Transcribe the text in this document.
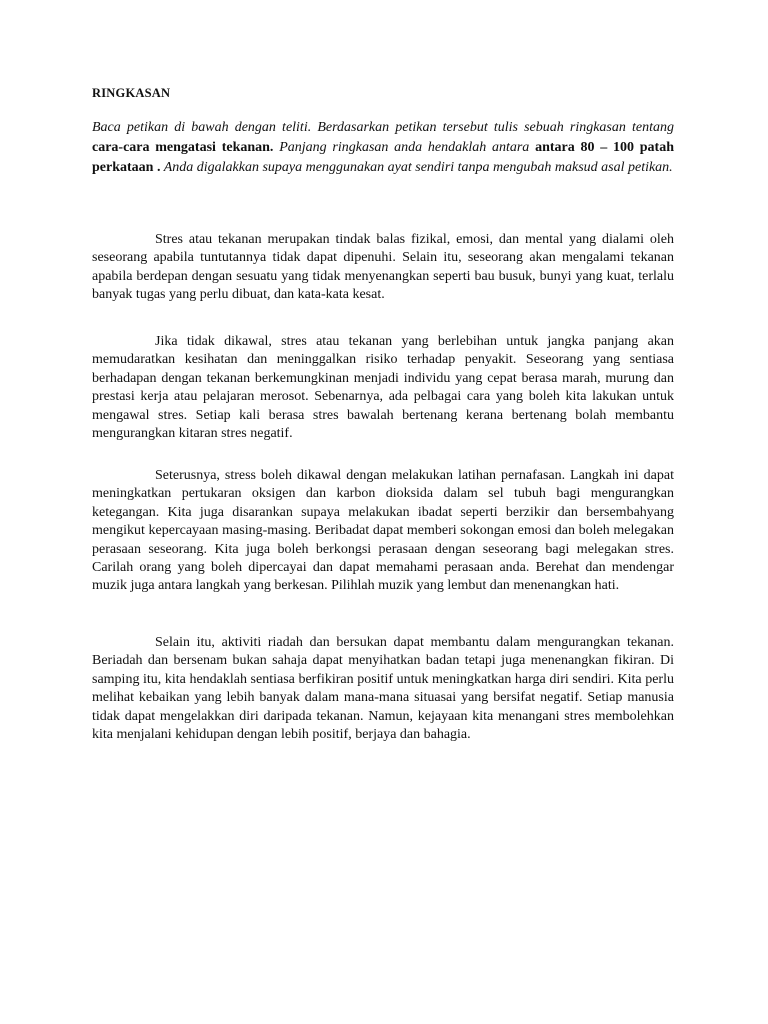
RINGKASAN
Baca petikan di bawah dengan teliti. Berdasarkan petikan tersebut tulis sebuah ringkasan tentang cara-cara mengatasi tekanan. Panjang ringkasan anda hendaklah antara antara 80 – 100 patah perkataan . Anda digalakkan supaya menggunakan ayat sendiri tanpa mengubah maksud asal petikan.

Stres atau tekanan merupakan tindak balas fizikal, emosi, dan mental yang dialami oleh seseorang apabila tuntutannya tidak dapat dipenuhi. Selain itu, seseorang akan mengalami tekanan apabila berdepan dengan sesuatu yang tidak menyenangkan seperti bau busuk, bunyi yang kuat, terlalu banyak tugas yang perlu dibuat, dan kata-kata kesat.

Jika tidak dikawal, stres atau tekanan yang berlebihan untuk jangka panjang akan memudaratkan kesihatan dan meninggalkan risiko terhadap penyakit. Seseorang yang sentiasa berhadapan dengan tekanan berkemungkinan menjadi individu yang cepat berasa marah, murung dan prestasi kerja atau pelajaran merosot. Sebenarnya, ada pelbagai cara yang boleh kita lakukan untuk mengawal stres. Setiap kali berasa stres bawalah bertenang kerana bertenang bolah membantu mengurangkan kitaran stres negatif.

Seterusnya, stress boleh dikawal dengan melakukan latihan pernafasan. Langkah ini dapat meningkatkan pertukaran oksigen dan karbon dioksida dalam sel tubuh bagi mengurangkan ketegangan. Kita juga disarankan supaya melakukan ibadat seperti berzikir dan bersembahyang mengikut kepercayaan masing-masing. Beribadat dapat memberi sokongan emosi dan boleh melegakan perasaan seseorang. Kita juga boleh berkongsi perasaan dengan seseorang bagi melegakan stres. Carilah orang yang boleh dipercayai dan dapat memahami perasaan anda. Berehat dan mendengar muzik juga antara langkah yang berkesan. Pilihlah muzik yang lembut dan menenangkan hati.

Selain itu, aktiviti riadah dan bersukan dapat membantu dalam mengurangkan tekanan. Beriadah dan bersenam bukan sahaja dapat menyihatkan badan tetapi juga menenangkan fikiran. Di samping itu, kita hendaklah sentiasa berfikiran positif untuk meningkatkan harga diri sendiri. Kita perlu melihat kebaikan yang lebih banyak dalam mana-mana situasai yang bersifat negatif. Setiap manusia tidak dapat mengelakkan diri daripada tekanan. Namun, kejayaan kita menangani stres membolehkan kita menjalani kehidupan dengan lebih positif, berjaya dan bahagia.
